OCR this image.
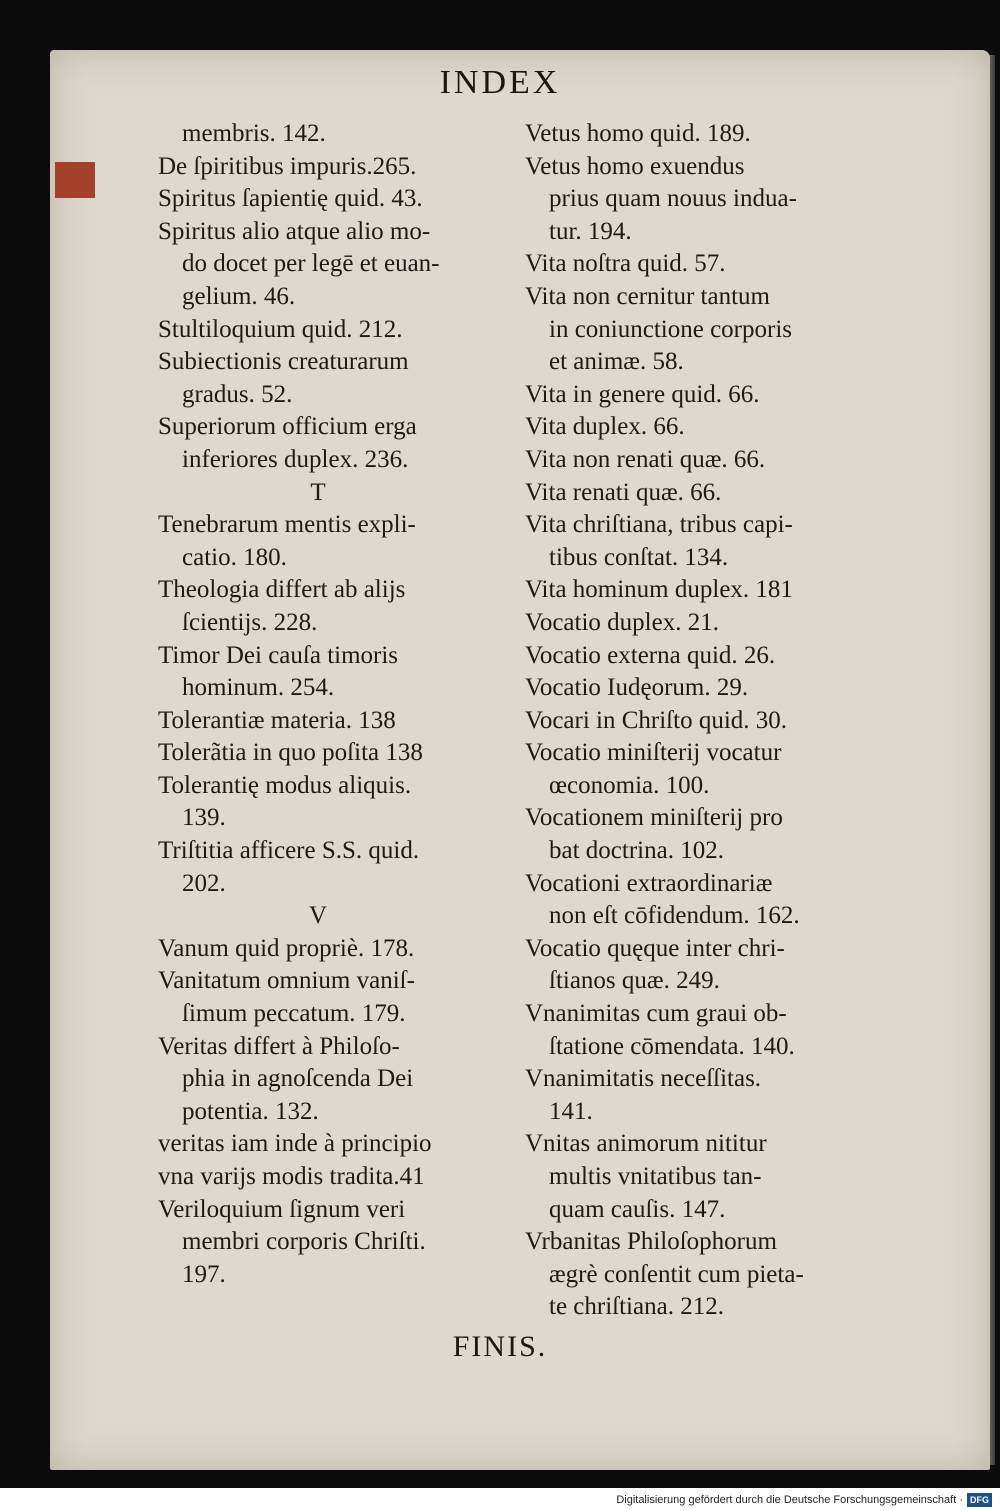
INDEX
membris. 142.
De ſpiritibus impuris.265.
Spiritus ſapientię quid. 43.
Spiritus alio atque alio mo-
do docet per legē et euan-
gelium. 46.
Stultiloquium quid. 212.
Subiectionis creaturarum
gradus. 52.
Superiorum officium erga
inferiores duplex. 236.
T
Tenebrarum mentis expli-
catio. 180.
Theologia differt ab alijs
ſcientijs. 228.
Timor Dei cauſa timoris
hominum. 254.
Tolerantiæ materia. 138
Tolerãtia in quo poſita 138
Tolerantię modus aliquis.
139.
Triſtitia afficere S.S. quid.
202.
V
Vanum quid propriè. 178.
Vanitatum omnium vaniſ-
ſimum peccatum. 179.
Veritas differt à Philoſo-
phia in agnoſcenda Dei
potentia. 132.
veritas iam inde à principio
vna varijs modis tradita.41
Veriloquium ſignum veri
membri corporis Chriſti.
197.
Vetus homo quid. 189.
Vetus homo exuendus
prius quam nouus indua-
tur. 194.
Vita noſtra quid. 57.
Vita non cernitur tantum
in coniunctione corporis
et animæ. 58.
Vita in genere quid. 66.
Vita duplex. 66.
Vita non renati quæ. 66.
Vita renati quæ. 66.
Vita chriſtiana, tribus capi-
tibus conſtat. 134.
Vita hominum duplex. 181
Vocatio duplex. 21.
Vocatio externa quid. 26.
Vocatio Iudęorum. 29.
Vocari in Chriſto quid. 30.
Vocatio miniſterij vocatur
œconomia. 100.
Vocationem miniſterij pro
bat doctrina. 102.
Vocationi extraordinariæ
non eſt cōfidendum. 162.
Vocatio quęque inter chri-
ſtianos quæ. 249.
Vnanimitas cum graui ob-
ſtatione cōmendata. 140.
Vnanimitatis neceſſitas.
141.
Vnitas animorum nititur
multis vnitatibus tan-
quam cauſis. 147.
Vrbanitas Philoſophorum
ægrè conſentit cum pieta-
te chriſtiana. 212.
FINIS.
Digitalisierung gefördert durch die Deutsche Forschungsgemeinschaft · DFG
